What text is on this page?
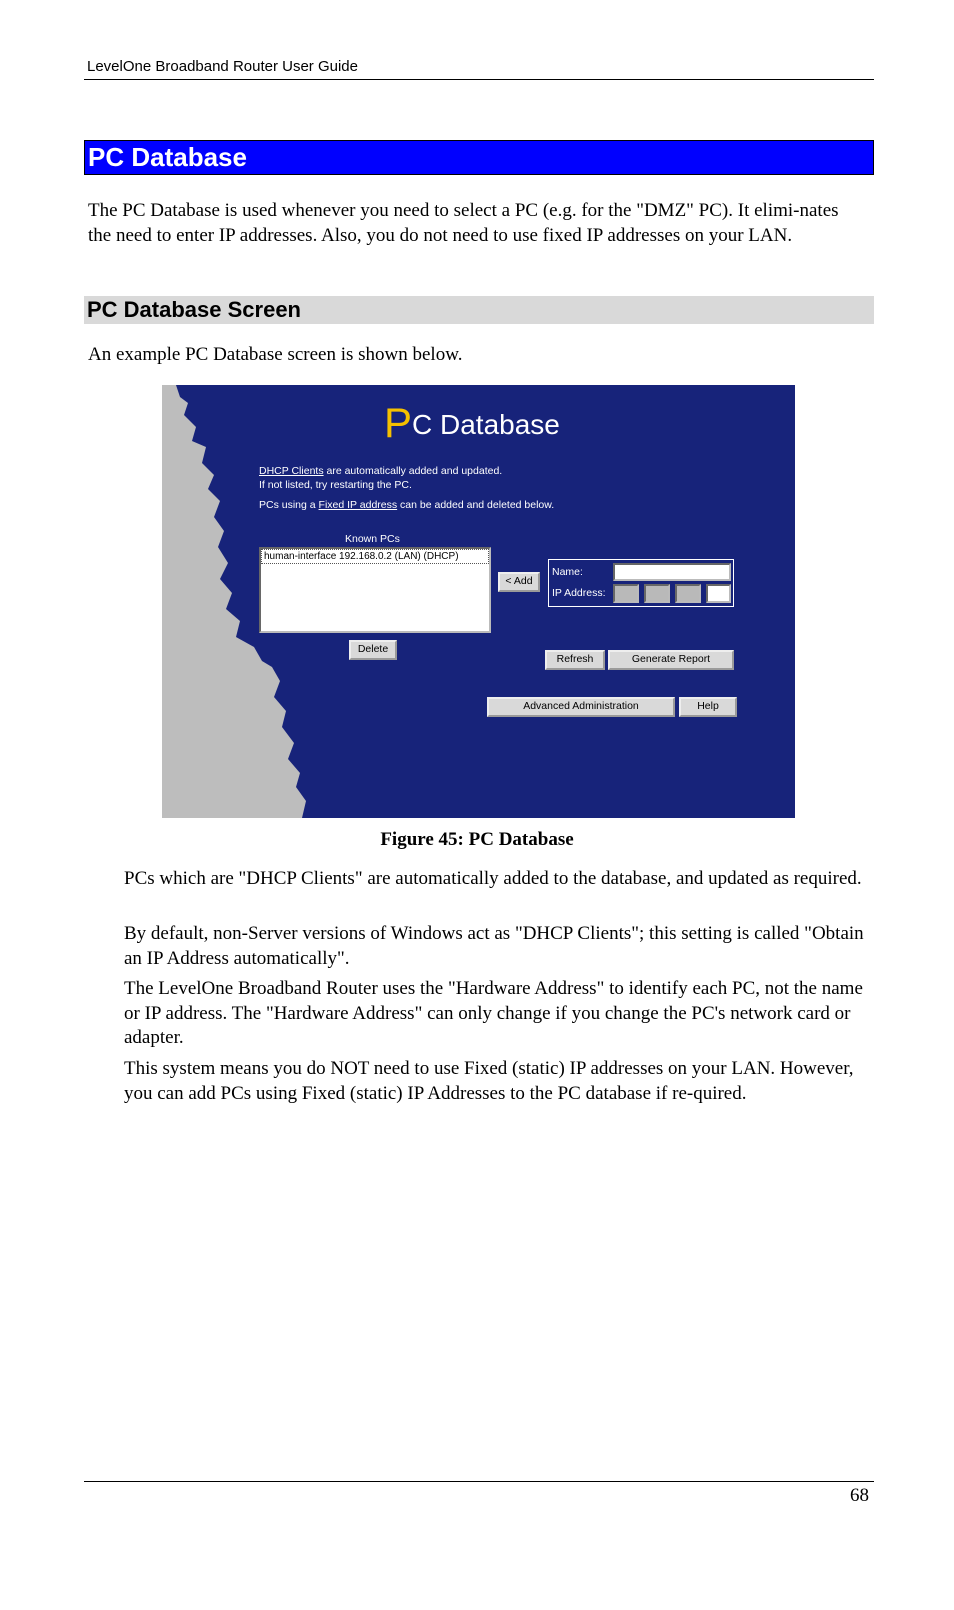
LevelOne Broadband Router User Guide
PC Database

The PC Database is used whenever you need to select a PC (e.g. for the "DMZ" PC). It elimi-nates the need to enter IP addresses. Also, you do not need to use fixed IP addresses on your LAN.

PC Database Screen

An example PC Database screen is shown below.

PC Database
DHCP Clients are automatically added and updated.
If not listed, try restarting the PC.
PCs using a Fixed IP address can be added and deleted below.
Known PCs
human-interface 192.168.0.2 (LAN) (DHCP)
< Add
Delete
Name:
IP Address:
Refresh	Generate Report
Advanced Administration	Help
Figure 45: PC Database

PCs which are "DHCP Clients" are automatically added to the database, and updated as required.

By default, non-Server versions of Windows act as "DHCP Clients"; this setting is called "Obtain an IP Address automatically".

The LevelOne Broadband Router uses the "Hardware Address" to identify each PC, not the name or IP address. The "Hardware Address" can only change if you change the PC's network card or adapter.

This system means you do NOT need to use Fixed (static) IP addresses on your LAN. However, you can add PCs using Fixed (static) IP Addresses to the PC database if re-quired.

68
